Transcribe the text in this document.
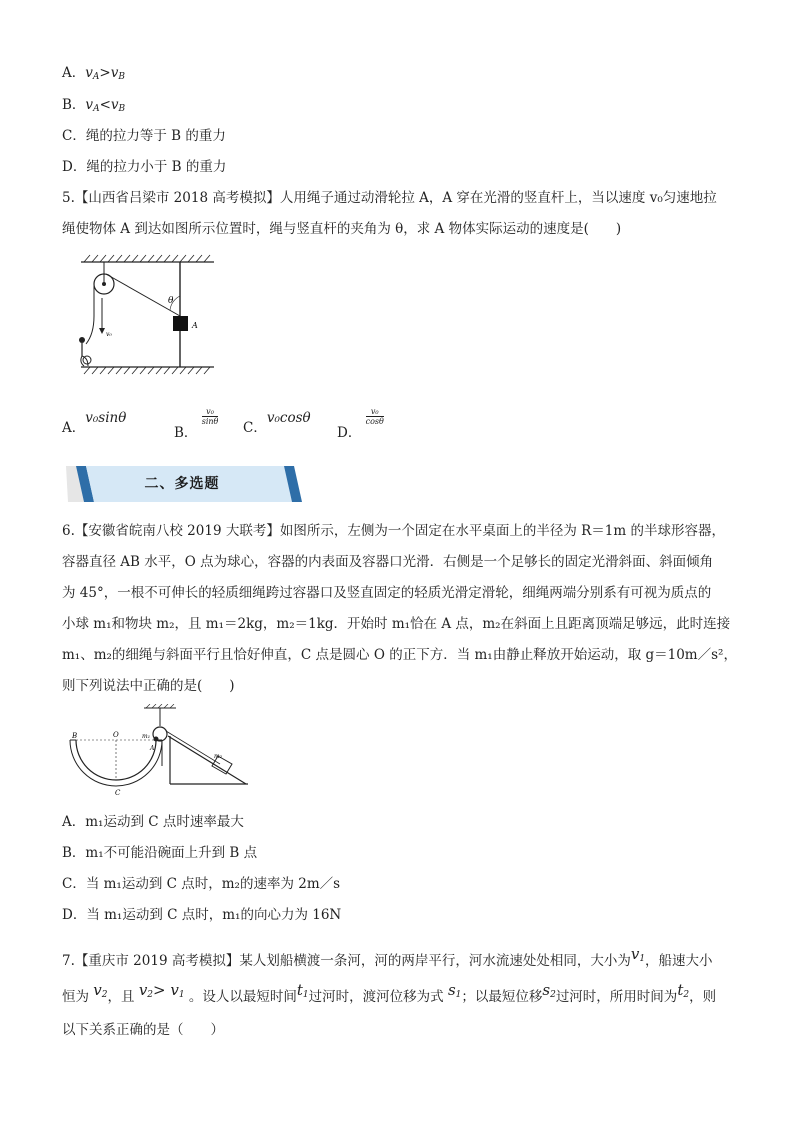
A．$v_A>v_B$
B．$v_A<v_B$
C．绳的拉力等于 B 的重力
D．绳的拉力小于 B 的重力
5.【山西省吕梁市 2018 高考模拟】人用绳子通过动滑轮拉 A，A 穿在光滑的竖直杆上，当以速度 v₀匀速地拉
绳使物体 A 到达如图所示位置时，绳与竖直杆的夹角为 θ，求 A 物体实际运动的速度是(　　)
A
θ
v₀
A．v₀sinθ
B．
$\frac{\text{v₀}}{\sin\theta}$
C．v₀cosθ
D．
$\frac{\text{v₀}}{\cos\theta}$
二、多选题
6.【安徽省皖南八校 2019 大联考】如图所示，左侧为一个固定在水平桌面上的半径为 R＝1m 的半球形容器，
容器直径 AB 水平，O 点为球心，容器的内表面及容器口光滑．右侧是一个足够长的固定光滑斜面、斜面倾角
为 45°，一根不可伸长的轻质细绳跨过容器口及竖直固定的轻质光滑定滑轮，细绳两端分别系有可视为质点的
小球 m₁和物块 m₂，且 m₁＝2kg，m₂＝1kg．开始时 m₁恰在 A 点，m₂在斜面上且距离顶端足够远，此时连接
m₁、m₂的细绳与斜面平行且恰好伸直，C 点是圆心 O 的正下方．当 m₁由静止释放开始运动，取 g＝10m／s²，
则下列说法中正确的是(　　)
B	O
C
m₁
A
m₂
A．m₁运动到 C 点时速率最大
B．m₁不可能沿碗面上升到 B 点
C．当 m₁运动到 C 点时，m₂的速率为 2m／s
D．当 m₁运动到 C 点时，m₁的向心力为 16N
7.【重庆市 2019 高考模拟】某人划船横渡一条河，河的两岸平行，河水流速处处相同，大小为$v_1$，船速大小
恒为 $v_2$，且 $v_2> v_1$ 。设人以最短时间$t_1$过河时，渡河位移为式 $s_1$；以最短位移$s_2$过河时，所用时间为$t_2$，则
以下关系正确的是（　　）
